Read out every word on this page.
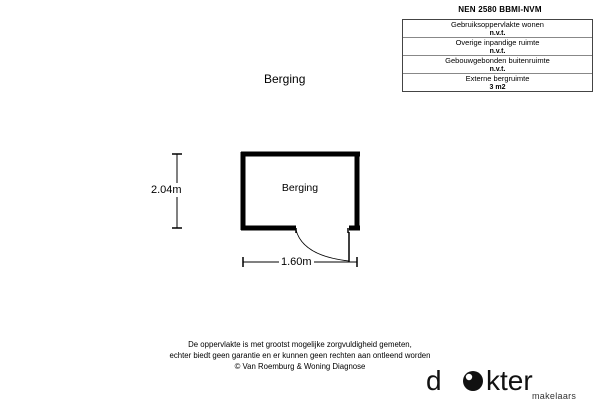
NEN 2580 BBMI-NVM
Gebruiksoppervlakte wonen
n.v.t.
Overige inpandige ruimte
n.v.t.
Gebouwgebonden buitenruimte
n.v.t.
Externe bergruimte
3 m2
Berging
Berging
1.60m
2.04m
De oppervlakte is met grootst mogelijke zorgvuldigheid gemeten,
echter biedt geen garantie en er kunnen geen rechten aan ontleend worden
© Van Roemburg & Woning Diagnose	d kter makelaars
